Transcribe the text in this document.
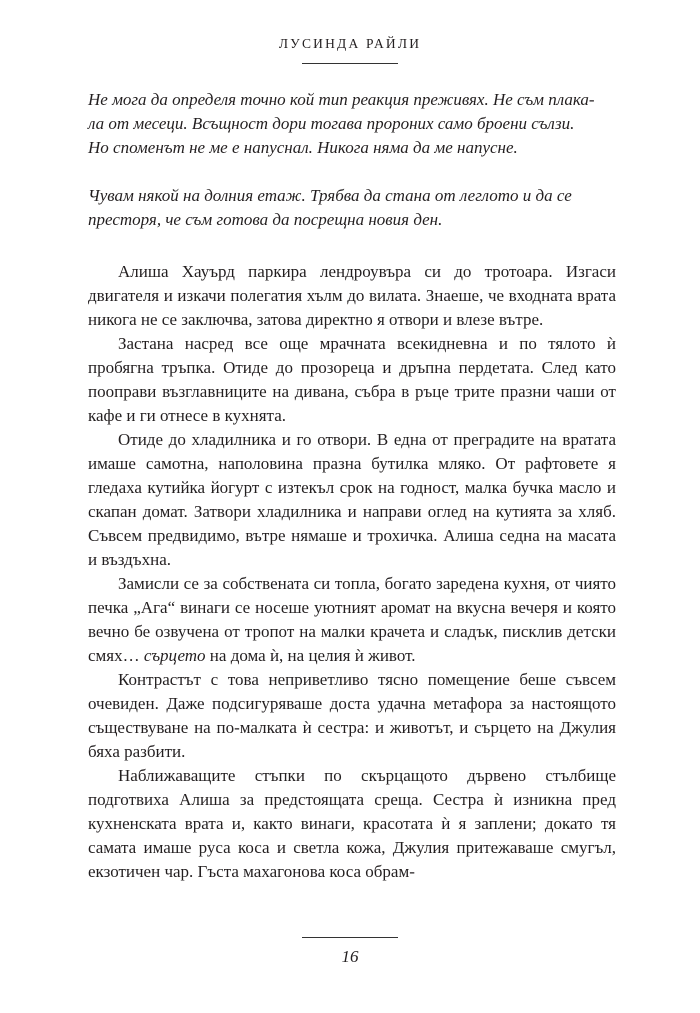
ЛУСИНДА РАЙЛИ

Не мога да определя точно кой тип реакция преживях. Не съм плака-

ла от месеци. Всъщност дори тогава пророних само броени сълзи.

Но споменът не ме е напуснал. Никога няма да ме напусне.

Чувам някой на долния етаж. Трябва да стана от леглото и да се

престоря, че съм готова да посрещна новия ден.

Алиша Хауърд паркира лендроувъра си до тротоара. Изгаси двигателя и изкачи полегатия хълм до вилата. Знаеше, че входната врата никога не се заключва, затова директно я отвори и влезе вътре.

Застана насред все още мрачната всекидневна и по тялото ѝ пробягна тръпка. Отиде до прозореца и дръпна пердетата. След като пооправи възглавниците на дивана, събра в ръце трите празни чаши от кафе и ги отнесе в кухнята.

Отиде до хладилника и го отвори. В една от преградите на вратата имаше самотна, наполовина празна бутилка мляко. От рафтовете я гледаха кутийка йогурт с изтекъл срок на годност, малка бучка масло и скапан домат. Затвори хладилника и направи оглед на кутията за хляб. Съвсем предвидимо, вътре нямаше и трохичка. Алиша седна на масата и въздъхна.

Замисли се за собствената си топла, богато заредена кухня, от чиято печка „Ага“ винаги се носеше уютният аромат на вкусна вечеря и която вечно бе озвучена от тропот на малки крачета и сладък, писклив детски смях… сърцето на дома ѝ, на целия ѝ живот.

Контрастът с това неприветливо тясно помещение беше съвсем очевиден. Даже подсигуряваше доста удачна метафора за настоящото съществуване на по-малката ѝ сестра: и животът, и сърцето на Джулия бяха разбити.

Наближаващите стъпки по скърцащото дървено стълбище подготвиха Алиша за предстоящата среща. Сестра ѝ изникна пред кухненската врата и, както винаги, красотата ѝ я заплени; докато тя самата имаше руса коса и светла кожа, Джулия притежаваше смугъл, екзотичен чар. Гъста махагонова коса обрам-

16
